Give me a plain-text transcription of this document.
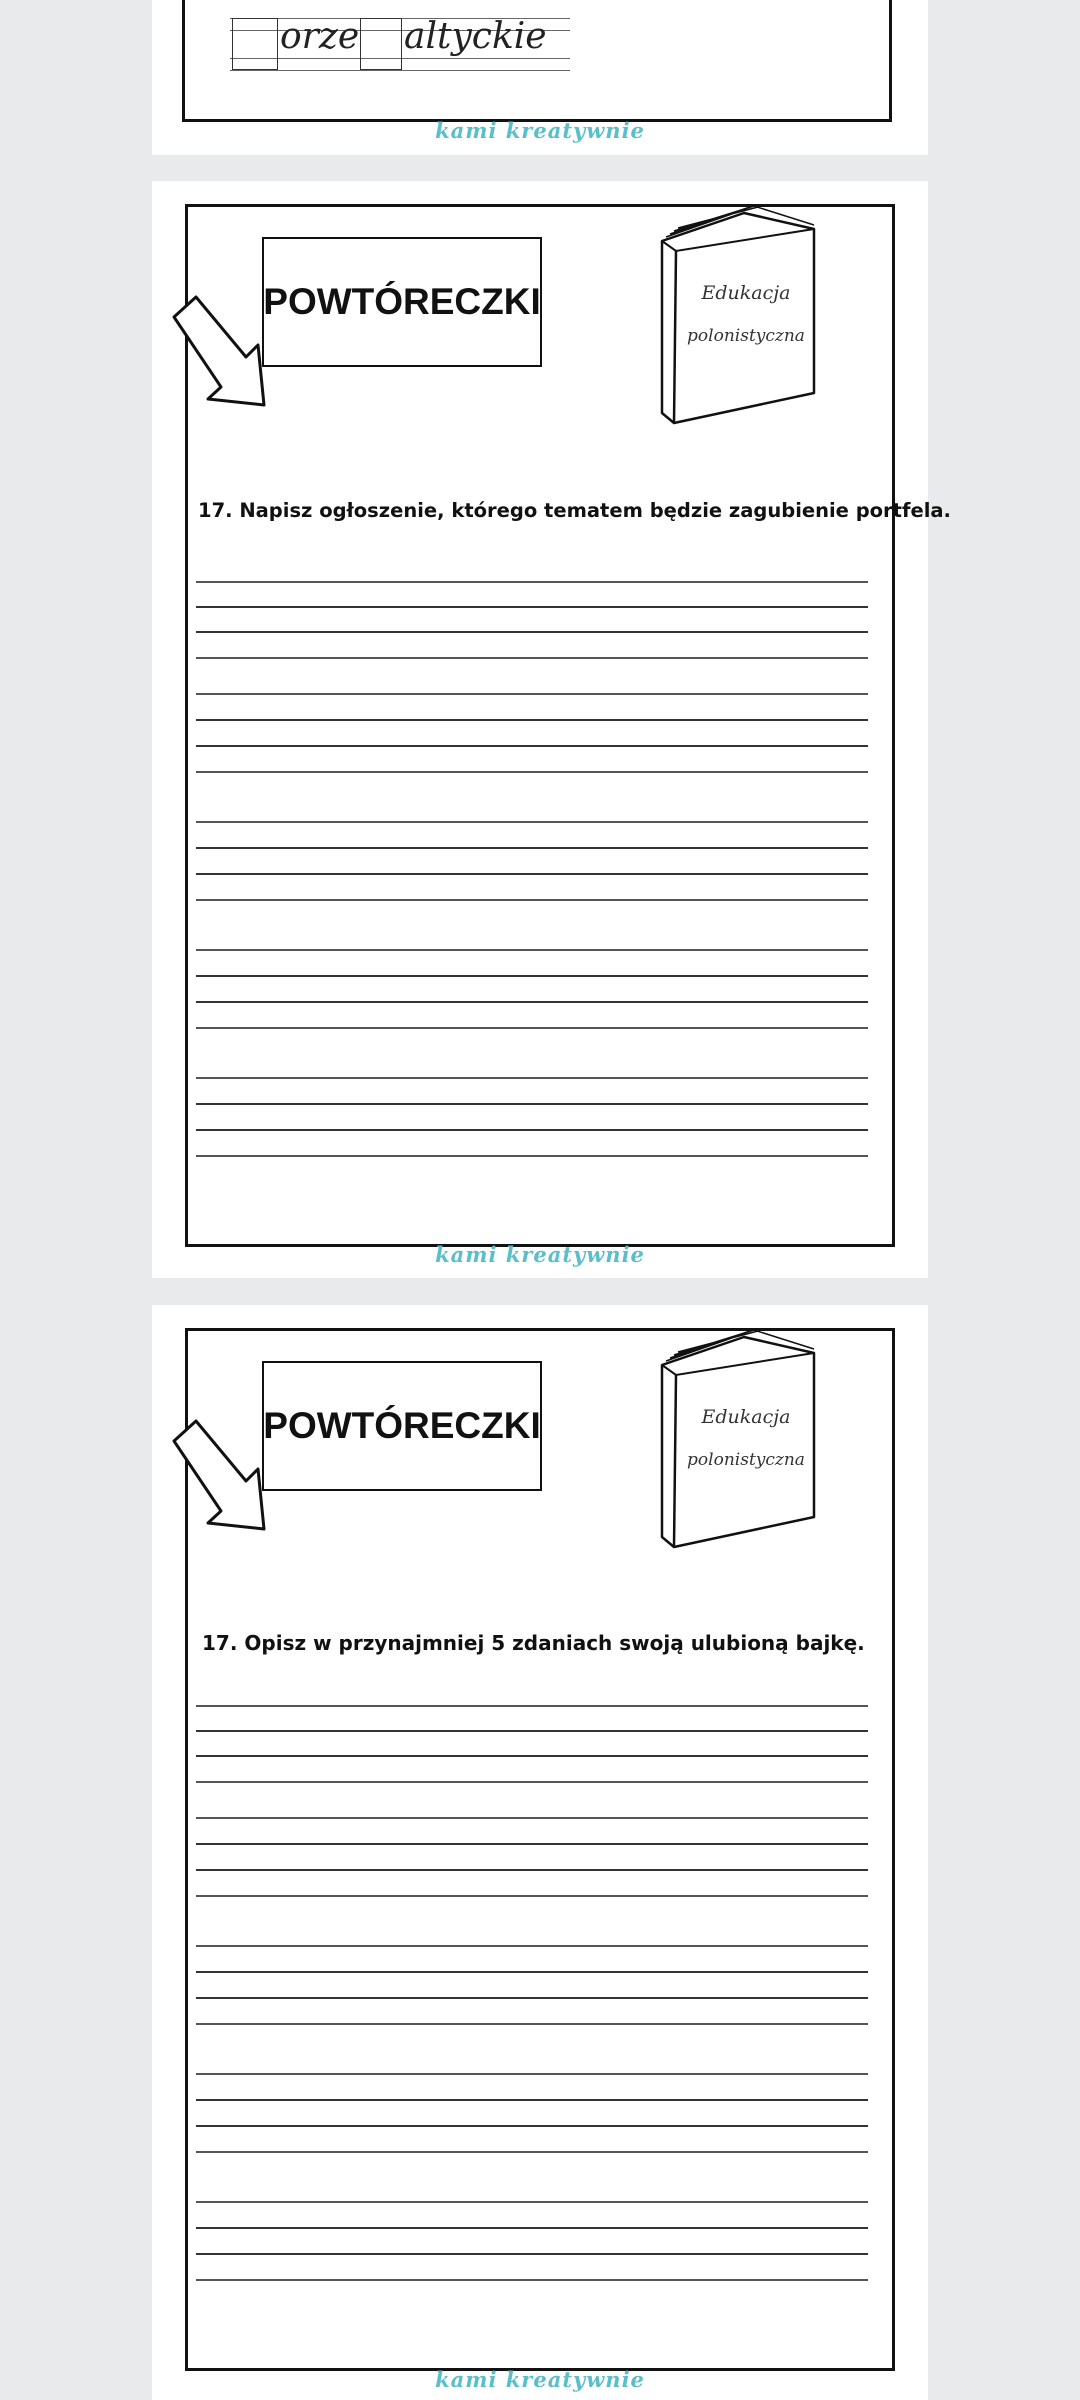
orze altyckie
kami kreatywnie
POWTÓRECZKI	Edukacja
polonistyczna
17. Napisz ogłoszenie, którego tematem będzie zagubienie portfela.
kami kreatywnie
POWTÓRECZKI	Edukacja
polonistyczna
17. Opisz w przynajmniej 5 zdaniach swoją ulubioną bajkę.
kami kreatywnie
